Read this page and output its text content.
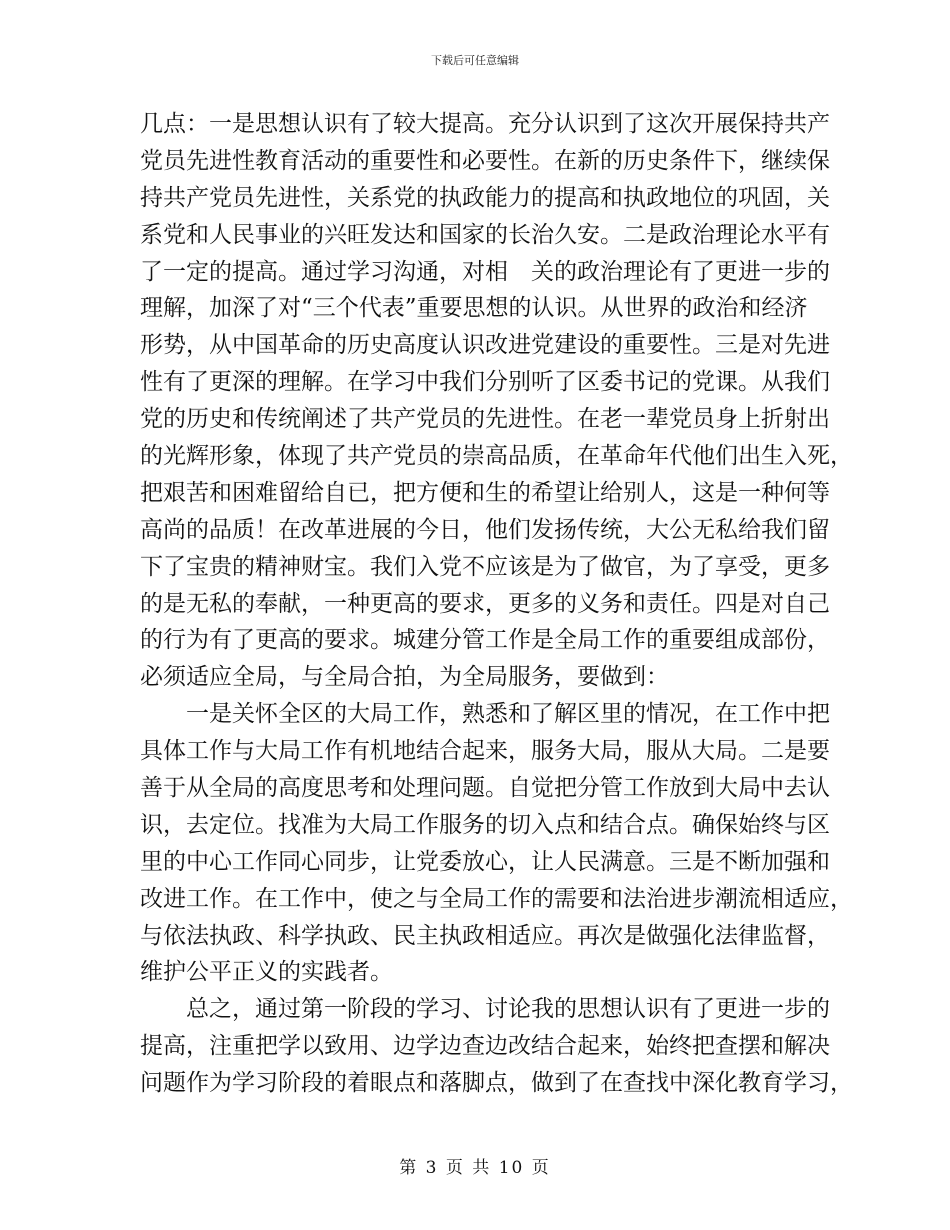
下载后可任意编辑
几点：一是思想认识有了较大提高。充分认识到了这次开展保持共产
党员先进性教育活动的重要性和必要性。在新的历史条件下，继续保
持共产党员先进性，关系党的执政能力的提高和执政地位的巩固，关
系党和人民事业的兴旺发达和国家的长治久安。二是政治理论水平有
了一定的提高。通过学习沟通，对相　关的政治理论有了更进一步的
理解，加深了对“三个代表”重要思想的认识。从世界的政治和经济
形势，从中国革命的历史高度认识改进党建设的重要性。三是对先进
性有了更深的理解。在学习中我们分别听了区委书记的党课。从我们
党的历史和传统阐述了共产党员的先进性。在老一辈党员身上折射出
的光辉形象，体现了共产党员的崇高品质，在革命年代他们出生入死，
把艰苦和困难留给自已，把方便和生的希望让给别人，这是一种何等
高尚的品质！在改革进展的今日，他们发扬传统，大公无私给我们留
下了宝贵的精神财宝。我们入党不应该是为了做官，为了享受，更多
的是无私的奉献，一种更高的要求，更多的义务和责任。四是对自己
的行为有了更高的要求。城建分管工作是全局工作的重要组成部份，
必须适应全局，与全局合拍，为全局服务，要做到：
一是关怀全区的大局工作，熟悉和了解区里的情况，在工作中把
具体工作与大局工作有机地结合起来，服务大局，服从大局。二是要
善于从全局的高度思考和处理问题。自觉把分管工作放到大局中去认
识，去定位。找准为大局工作服务的切入点和结合点。确保始终与区
里的中心工作同心同步，让党委放心，让人民满意。三是不断加强和
改进工作。在工作中，使之与全局工作的需要和法治进步潮流相适应，
与依法执政、科学执政、民主执政相适应。再次是做强化法律监督，
维护公平正义的实践者。
总之，通过第一阶段的学习、讨论我的思想认识有了更进一步的
提高，注重把学以致用、边学边查边改结合起来，始终把查摆和解决
问题作为学习阶段的着眼点和落脚点，做到了在查找中深化教育学习，
第 3 页 共 10 页
